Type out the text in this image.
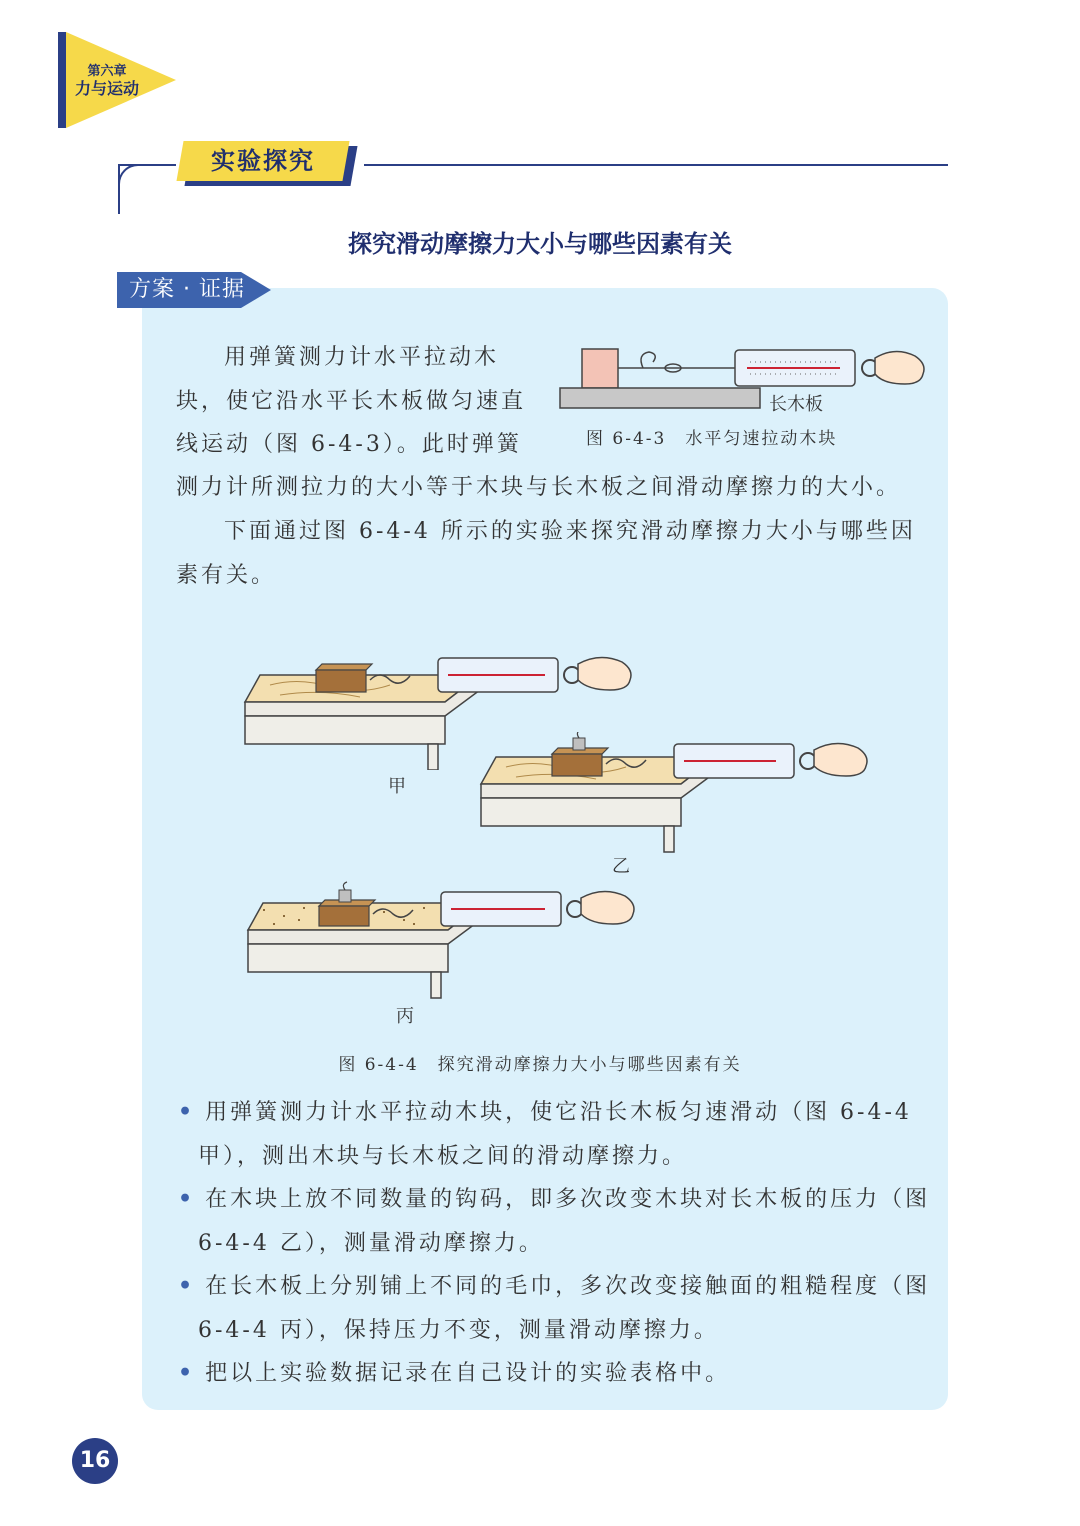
第六章
力与运动
实验探究
探究滑动摩擦力大小与哪些因素有关
方案 · 证据
用弹簧测力计水平拉动木块，使它沿水平长木板做匀速直线运动（图 6-4-3）。此时弹簧
测力计所测拉力的大小等于木块与长木板之间滑动摩擦力的大小。
下面通过图 6-4-4 所示的实验来探究滑动摩擦力大小与哪些因素有关。
长木板
图 6-4-3　水平匀速拉动木块
甲
乙
丙
图 6-4-4　探究滑动摩擦力大小与哪些因素有关
• 用弹簧测力计水平拉动木块，使它沿长木板匀速滑动（图 6-4-4 甲），测出木块与长木板之间的滑动摩擦力。
• 在木块上放不同数量的钩码，即多次改变木块对长木板的压力（图 6-4-4 乙），测量滑动摩擦力。
• 在长木板上分别铺上不同的毛巾，多次改变接触面的粗糙程度（图 6-4-4 丙），保持压力不变，测量滑动摩擦力。
• 把以上实验数据记录在自己设计的实验表格中。
16
